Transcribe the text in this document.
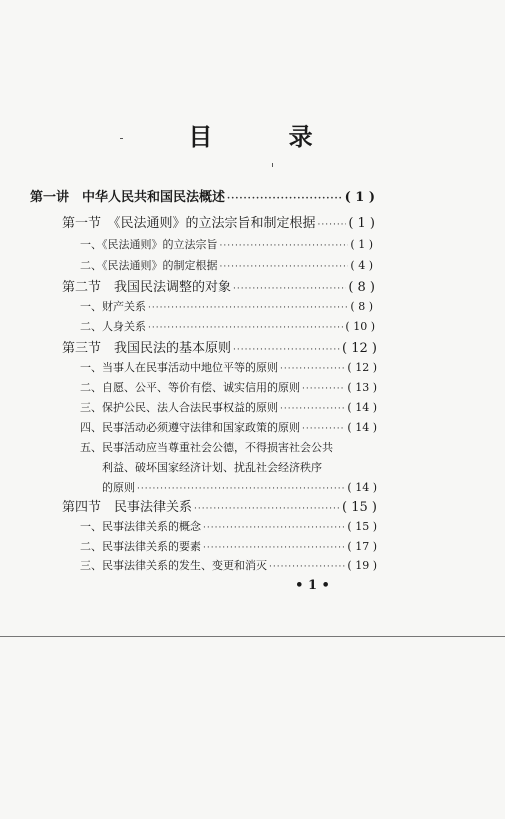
目 录
第一讲　中华人民共和国民法概述 ·····	( 1 )
第一节　《民法通则》的立法宗旨和制定根据 ·····	( 1 )
一、《民法通则》的立法宗旨 ·····	( 1 )
二、《民法通则》的制定根据 ·····	( 4 )
第二节　我国民法调整的对象 ·····	( 8 )
一、财产关系 ·····	( 8 )
二、人身关系 ·····	( 10 )
第三节　我国民法的基本原则 ·····	( 12 )
一、当事人在民事活动中地位平等的原则 ·····	( 12 )
二、自愿、公平、等价有偿、诚实信用的原则 ·····	( 13 )
三、保护公民、法人合法民事权益的原则 ·····	( 14 )
四、民事活动必须遵守法律和国家政策的原则 ·····	( 14 )
五、民事活动应当尊重社会公德，不得损害社会公共
利益、破坏国家经济计划、扰乱社会经济秩序
的原则 ·····	( 14 )
第四节　民事法律关系 ·····	( 15 )
一、民事法律关系的概念 ·····	( 15 )
二、民事法律关系的要素 ·····	( 17 )
三、民事法律关系的发生、变更和消灭 ·····	( 19 )
• 1 •
